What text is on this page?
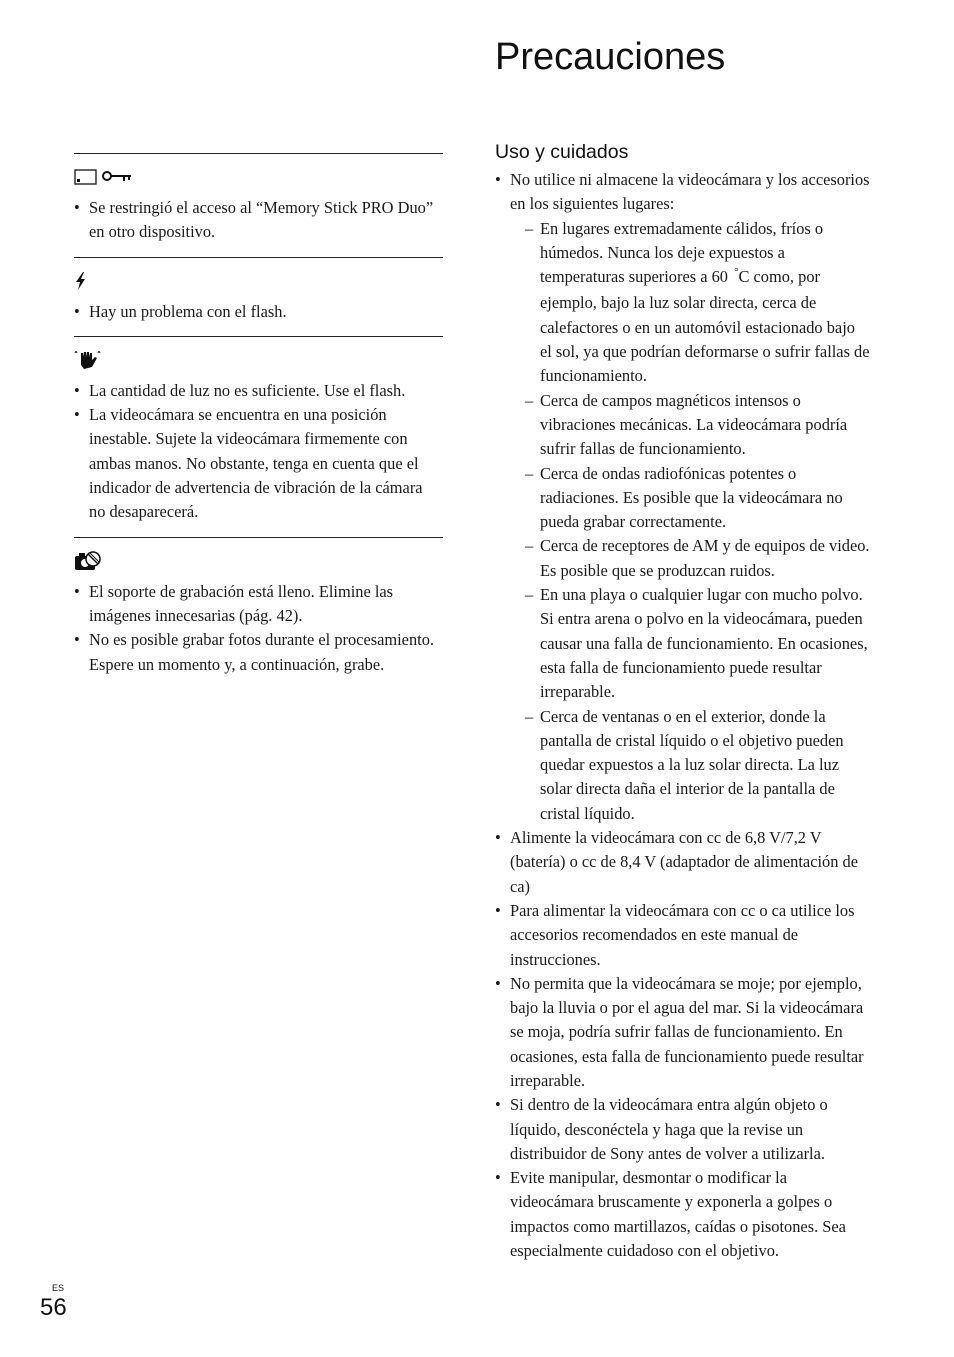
Precauciones
• Se restringió el acceso al “Memory Stick PRO Duo” en otro dispositivo.
• Hay un problema con el flash.
• La cantidad de luz no es suficiente. Use el flash.
• La videocámara se encuentra en una posición inestable. Sujete la videocámara firmemente con ambas manos. No obstante, tenga en cuenta que el indicador de advertencia de vibración de la cámara no desaparecerá.
• El soporte de grabación está lleno. Elimine las imágenes innecesarias (pág. 42).
• No es posible grabar fotos durante el procesamiento. Espere un momento y, a continuación, grabe.
Uso y cuidados
• No utilice ni almacene la videocámara y los accesorios en los siguientes lugares:
– En lugares extremadamente cálidos, fríos o húmedos. Nunca los deje expuestos a temperaturas superiores a 60 °C como, por ejemplo, bajo la luz solar directa, cerca de calefactores o en un automóvil estacionado bajo el sol, ya que podrían deformarse o sufrir fallas de funcionamiento.
– Cerca de campos magnéticos intensos o vibraciones mecánicas. La videocámara podría sufrir fallas de funcionamiento.
– Cerca de ondas radiofónicas potentes o radiaciones. Es posible que la videocámara no pueda grabar correctamente.
– Cerca de receptores de AM y de equipos de video. Es posible que se produzcan ruidos.
– En una playa o cualquier lugar con mucho polvo. Si entra arena o polvo en la videocámara, pueden causar una falla de funcionamiento. En ocasiones, esta falla de funcionamiento puede resultar irreparable.
– Cerca de ventanas o en el exterior, donde la pantalla de cristal líquido o el objetivo pueden quedar expuestos a la luz solar directa. La luz solar directa daña el interior de la pantalla de cristal líquido.
• Alimente la videocámara con cc de 6,8 V/7,2 V (batería) o cc de 8,4 V (adaptador de alimentación de ca)
• Para alimentar la videocámara con cc o ca utilice los accesorios recomendados en este manual de instrucciones.
• No permita que la videocámara se moje; por ejemplo, bajo la lluvia o por el agua del mar. Si la videocámara se moja, podría sufrir fallas de funcionamiento. En ocasiones, esta falla de funcionamiento puede resultar irreparable.
• Si dentro de la videocámara entra algún objeto o líquido, desconéctela y haga que la revise un distribuidor de Sony antes de volver a utilizarla.
• Evite manipular, desmontar o modificar la videocámara bruscamente y exponerla a golpes o impactos como martillazos, caídas o pisotones. Sea especialmente cuidadoso con el objetivo.
ES
56
